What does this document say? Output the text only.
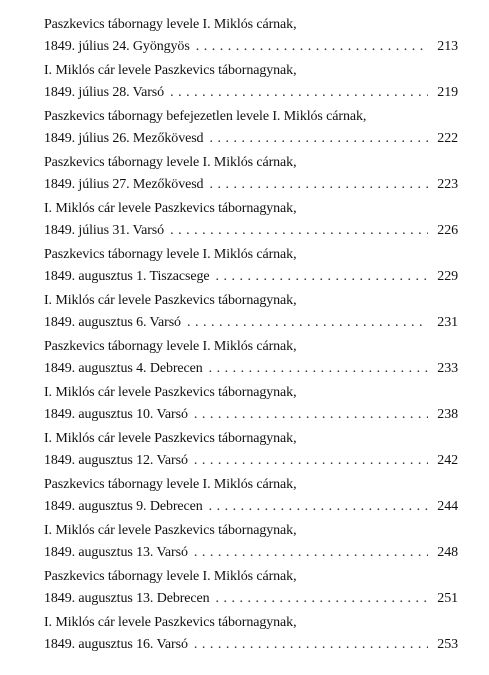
Paszkevics tábornagy levele I. Miklós cárnak,
1849. július 24. Gyöngyös . . .	213
I. Miklós cár levele Paszkevics tábornagynak,
1849. július 28. Varsó . . .	219
Paszkevics tábornagy befejezetlen levele I. Miklós cárnak,
1849. július 26. Mezőkövesd . . .	222
Paszkevics tábornagy levele I. Miklós cárnak,
1849. július 27. Mezőkövesd . . .	223
I. Miklós cár levele Paszkevics tábornagynak,
1849. július 31. Varsó . . .	226
Paszkevics tábornagy levele I. Miklós cárnak,
1849. augusztus 1. Tiszacsege . . .	229
I. Miklós cár levele Paszkevics tábornagynak,
1849. augusztus 6. Varsó . . .	231
Paszkevics tábornagy levele I. Miklós cárnak,
1849. augusztus 4. Debrecen . . .	233
I. Miklós cár levele Paszkevics tábornagynak,
1849. augusztus 10. Varsó . . .	238
I. Miklós cár levele Paszkevics tábornagynak,
1849. augusztus 12. Varsó . . .	242
Paszkevics tábornagy levele I. Miklós cárnak,
1849. augusztus 9. Debrecen . . .	244
I. Miklós cár levele Paszkevics tábornagynak,
1849. augusztus 13. Varsó . . .	248
Paszkevics tábornagy levele I. Miklós cárnak,
1849. augusztus 13. Debrecen . . .	251
I. Miklós cár levele Paszkevics tábornagynak,
1849. augusztus 16. Varsó . . .	253
